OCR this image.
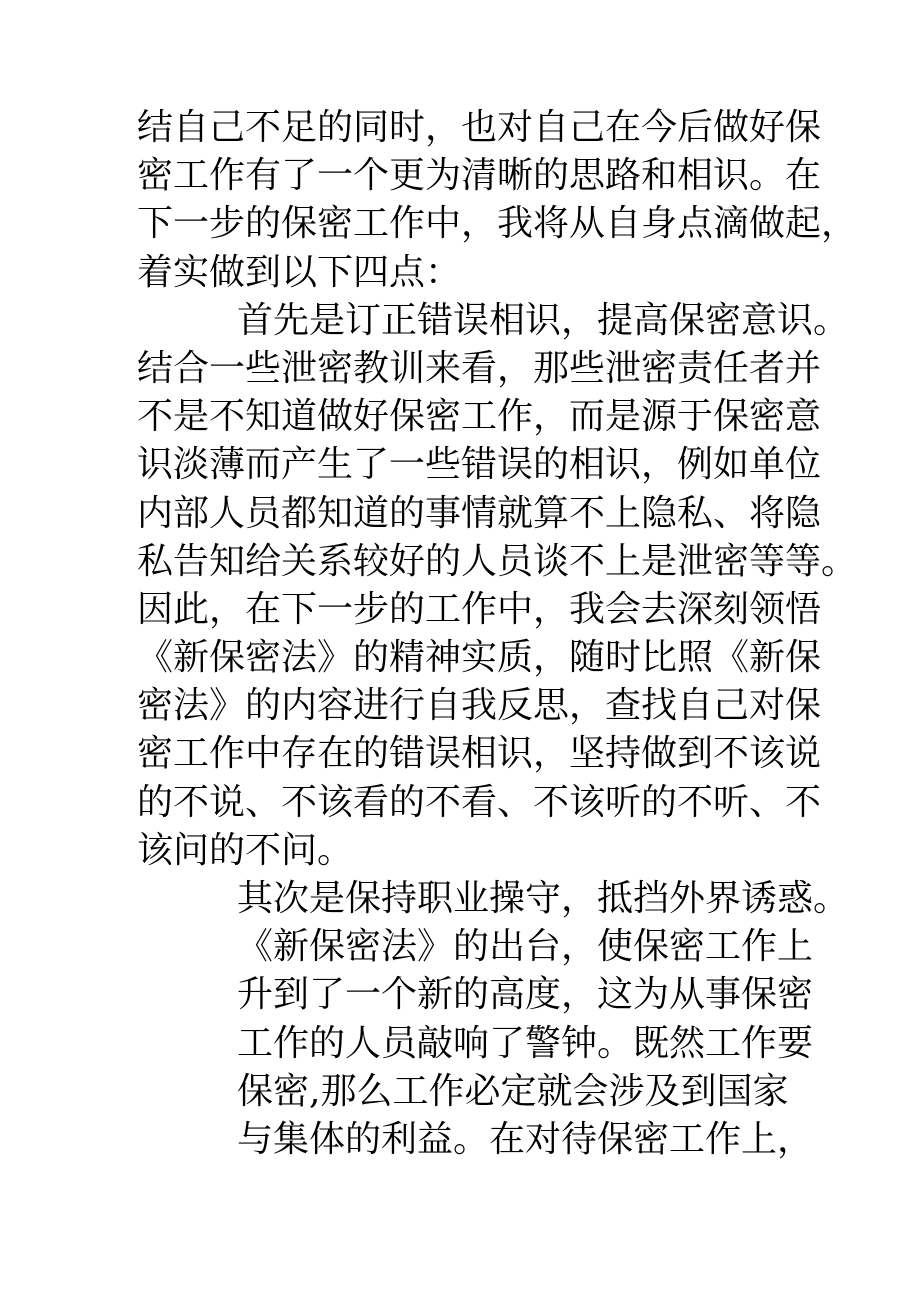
结自己不足的同时，也对自己在今后做好保
密工作有了一个更为清晰的思路和相识。在
下一步的保密工作中，我将从自身点滴做起，
着实做到以下四点：
首先是订正错误相识，提高保密意识。
结合一些泄密教训来看，那些泄密责任者并
不是不知道做好保密工作，而是源于保密意
识淡薄而产生了一些错误的相识，例如单位
内部人员都知道的事情就算不上隐私、将隐
私告知给关系较好的人员谈不上是泄密等等。
因此，在下一步的工作中，我会去深刻领悟
《新保密法》的精神实质，随时比照《新保
密法》的内容进行自我反思，查找自己对保
密工作中存在的错误相识，坚持做到不该说
的不说、不该看的不看、不该听的不听、不
该问的不问。
其次是保持职业操守，抵挡外界诱惑。
《新保密法》的出台，使保密工作上
升到了一个新的高度，这为从事保密
工作的人员敲响了警钟。既然工作要
保密,那么工作必定就会涉及到国家
与集体的利益。在对待保密工作上，
